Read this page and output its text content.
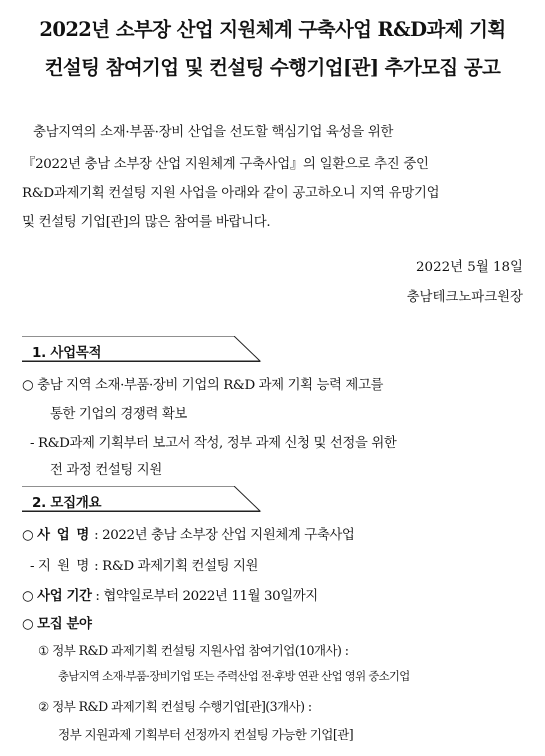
2022년 소부장 산업 지원체계 구축사업 R&D과제 기획
컨설팅 참여기업 및 컨설팅 수행기업[관] 추가모집 공고

충남지역의 소재·부품·장비 산업을 선도할 핵심기업 육성을 위한

『2022년 충남 소부장 산업 지원체계 구축사업』의 일환으로 추진 중인

R&D과제기획 컨설팅 지원 사업을 아래와 같이 공고하오니 지역 유망기업

및 컨설팅 기업[관]의 많은 참여를 바랍니다.

2022년 5월 18일
충남테크노파크원장
1. 사업목적

○ 충남 지역 소재·부품·장비 기업의 R&D 과제 기획 능력 제고를

통한 기업의 경쟁력 확보

- R&D과제 기획부터 보고서 작성, 정부 과제 신청 및 선정을 위한

전 과정 컨설팅 지원

2. 모집개요

○ 사 업 명 : 2022년 충남 소부장 산업 지원체계 구축사업

- 지 원 명 : R&D 과제기획 컨설팅 지원

○ 사업 기간 : 협약일로부터 2022년 11월 30일까지

○ 모집 분야

① 정부 R&D 과제기획 컨설팅 지원사업 참여기업(10개사) :

충남지역 소재·부품·장비기업 또는 주력산업 전·후방 연관 산업 영위 중소기업

② 정부 R&D 과제기획 컨설팅 수행기업[관](3개사) :

정부 지원과제 기획부터 선정까지 컨설팅 가능한 기업[관]
